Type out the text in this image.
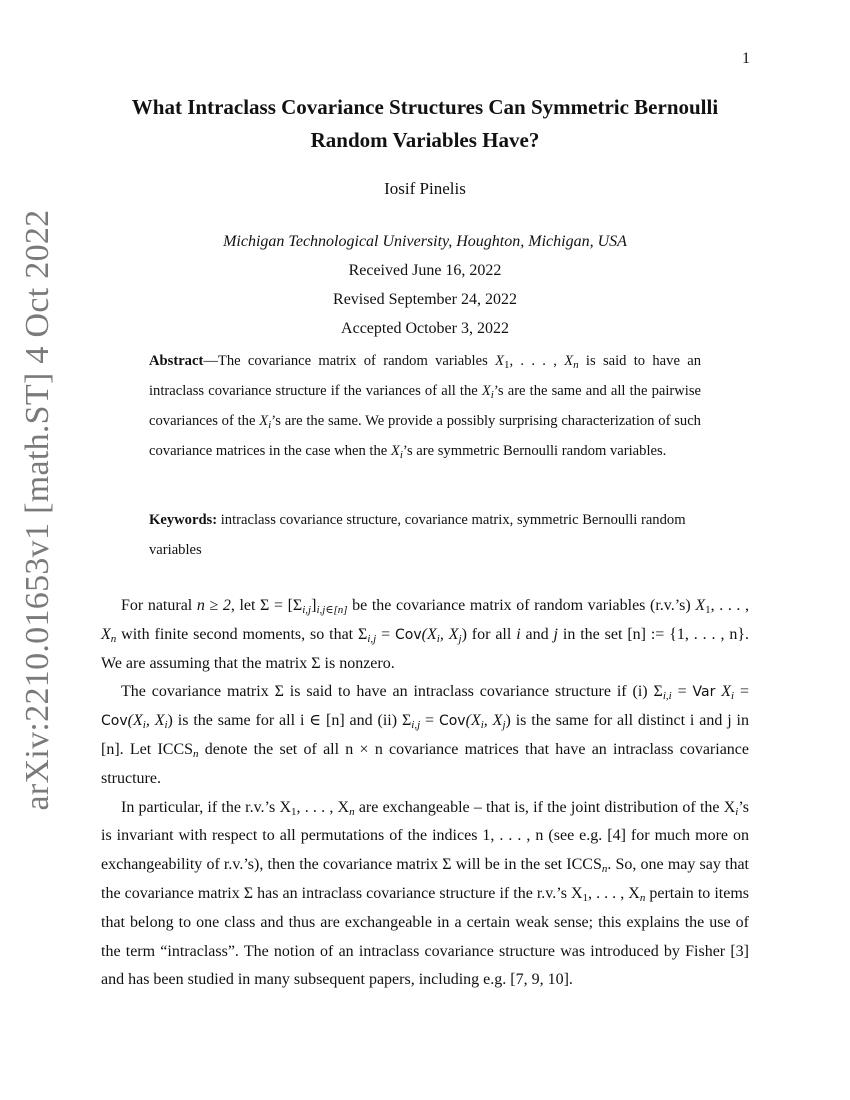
1
arXiv:2210.01653v1 [math.ST] 4 Oct 2022
What Intraclass Covariance Structures Can Symmetric Bernoulli
Random Variables Have?
Iosif Pinelis
Michigan Technological University, Houghton, Michigan, USA
Received June 16, 2022
Revised September 24, 2022
Accepted October 3, 2022
Abstract—The covariance matrix of random variables $X_1$, . . . , $X_n$ is said to have an intraclass covariance structure if the variances of all the $X_i’s$ are the same and all the pairwise covariances of the $X_i’s$ are the same. We provide a possibly surprising characterization of such covariance matrices in the case when the $X_i’s$ are symmetric Bernoulli random variables.
Keywords: intraclass covariance structure, covariance matrix, symmetric Bernoulli random variables

For natural n ≥ 2, let $\Sigma = [\Sigma_{i,j}]_{i,j\in[n]}$ be the covariance matrix of random variables (r.v.’s) $X_1$, . . . , $X_n$ with finite second moments, so that $\Sigma_{i,j} = Cov(X_i$, $X_j$) for all i and j in the set [n] := {1, . . . , n}. We are assuming that the matrix Σ is nonzero.

The covariance matrix Σ is said to have an intraclass covariance structure if (i) $\Sigma_{i,i}$ = Var $X_i = Cov(X_i$, $X_i$) is the same for all i ∈ [n] and (ii) $\Sigma_{i,j} = Cov(X_i$, $X_j$) is the same for all distinct i and j in [n]. Let $ICCS_n$ denote the set of all n × n covariance matrices that have an intraclass covariance structure.

In particular, if the r.v.’s $X_1$, . . . , $X_n$ are exchangeable – that is, if the joint distribution of the $X_i’s$ is invariant with respect to all permutations of the indices 1, . . . , n (see e.g. [4] for much more on exchangeability of r.v.’s), then the covariance matrix Σ will be in the set $ICCS_n$. So, one may say that the covariance matrix Σ has an intraclass covariance structure if the r.v.’s $X_1$, . . . , $X_n$ pertain to items that belong to one class and thus are exchangeable in a certain weak sense; this explains the use of the term “intraclass”. The notion of an intraclass covariance structure was introduced by Fisher [3] and has been studied in many subsequent papers, including e.g. [7, 9, 10].
